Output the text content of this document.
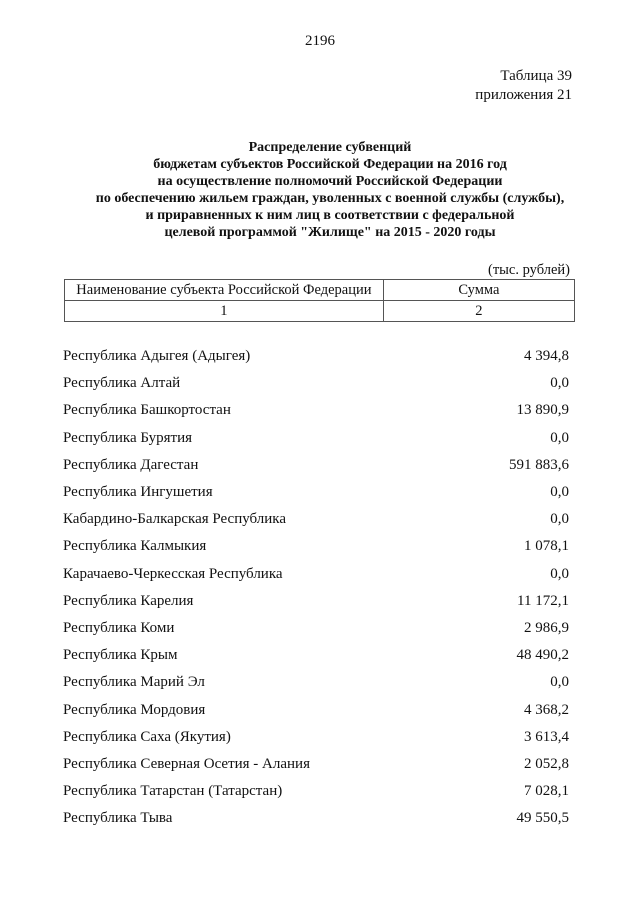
2196
Таблица 39
приложения 21
Распределение субвенций
бюджетам субъектов Российской Федерации на 2016 год
на осуществление полномочий Российской Федерации
по обеспечению жильем граждан, уволенных с военной службы (службы),
и приравненных к ним лиц в соответствии с федеральной
целевой программой "Жилище" на 2015 - 2020 годы
(тыс. рублей)
Наименование субъекта Российской Федерации	Сумма
1	2
Республика Адыгея (Адыгея)	4 394,8
Республика Алтай	0,0
Республика Башкортостан	13 890,9
Республика Бурятия	0,0
Республика Дагестан	591 883,6
Республика Ингушетия	0,0
Кабардино-Балкарская Республика	0,0
Республика Калмыкия	1 078,1
Карачаево-Черкесская Республика	0,0
Республика Карелия	11 172,1
Республика Коми	2 986,9
Республика Крым	48 490,2
Республика Марий Эл	0,0
Республика Мордовия	4 368,2
Республика Саха (Якутия)	3 613,4
Республика Северная Осетия - Алания	2 052,8
Республика Татарстан (Татарстан)	7 028,1
Республика Тыва	49 550,5
